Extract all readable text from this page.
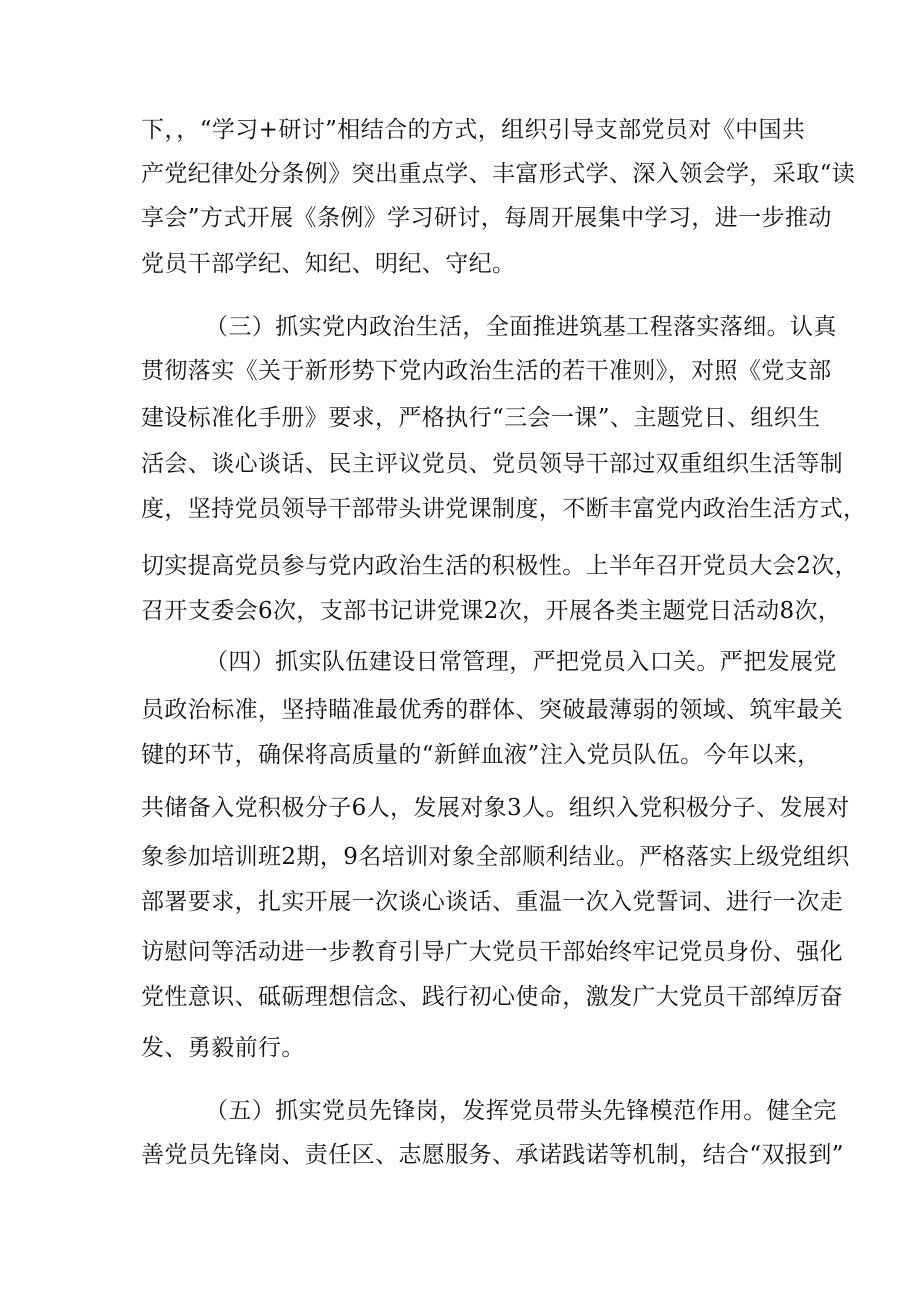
下，，“学习+研讨”相结合的方式，组织引导支部党员对《中国共
产党纪律处分条例》突出重点学、丰富形式学、深入领会学，采取“读
享会”方式开展《条例》学习研讨，每周开展集中学习，进一步推动
党员干部学纪、知纪、明纪、守纪。
（三）抓实党内政治生活，全面推进筑基工程落实落细。认真
贯彻落实《关于新形势下党内政治生活的若干准则》，对照《党支部
建设标准化手册》要求，严格执行“三会一课”、主题党日、组织生
活会、谈心谈话、民主评议党员、党员领导干部过双重组织生活等制
度，坚持党员领导干部带头讲党课制度，不断丰富党内政治生活方式，
切实提高党员参与党内政治生活的积极性。上半年召开党员大会2次，
召开支委会6次，支部书记讲党课2次，开展各类主题党日活动8次，
（四）抓实队伍建设日常管理，严把党员入口关。严把发展党
员政治标准，坚持瞄准最优秀的群体、突破最薄弱的领域、筑牢最关
键的环节，确保将高质量的“新鲜血液”注入党员队伍。今年以来，
共储备入党积极分子6人，发展对象3人。组织入党积极分子、发展对
象参加培训班2期，9名培训对象全部顺利结业。严格落实上级党组织
部署要求，扎实开展一次谈心谈话、重温一次入党誓词、进行一次走
访慰问等活动进一步教育引导广大党员干部始终牢记党员身份、强化
党性意识、砥砺理想信念、践行初心使命，激发广大党员干部绰厉奋
发、勇毅前行。
（五）抓实党员先锋岗，发挥党员带头先锋模范作用。健全完
善党员先锋岗、责任区、志愿服务、承诺践诺等机制，结合“双报到”
